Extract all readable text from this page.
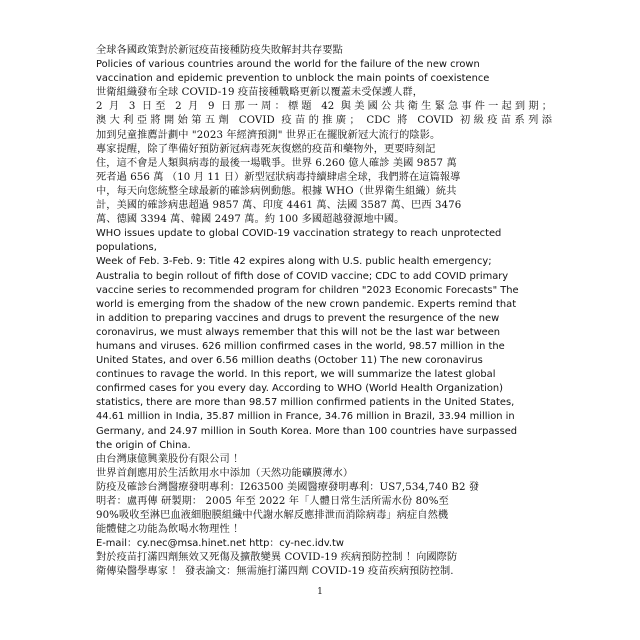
全球各國政策對於新冠疫苗接種防疫失敗解封共存要點
Policies of various countries around the world for the failure of the new crown
vaccination and epidemic prevention to unblock the main points of coexistence
世衛組織發布全球 COVID-19 疫苗接種戰略更新以覆蓋未受保護人群，
2 月 3 日至 2 月 9 日那一周：標題 42 與美國公共衛生緊急事件一起到期；
澳大利亞將開始第五劑 COVID 疫苗的推廣； CDC 將 COVID 初級疫苗系列添
加到兒童推薦計劃中 "2023 年經濟預測" 世界正在擺脫新冠大流行的陰影。
專家提醒，除了準備好預防新冠病毒死灰復燃的疫苗和藥物外，更要時刻記
住，這不會是人類與病毒的最後一場戰爭。世界 6.260 億人確診 美國 9857 萬
死者過 656 萬 （10 月 11 日）新型冠狀病毒持續肆虐全球，我們將在這篇報導
中，每天向您統整全球最新的確診病例動態。根據 WHO（世界衛生組織）統共
計，美國的確診病患超過 9857 萬、印度 4461 萬、法國 3587 萬、巴西 3476
萬、德國 3394 萬、韓國 2497 萬。約 100 多國超越發源地中國。
WHO issues update to global COVID-19 vaccination strategy to reach unprotected
populations,
Week of Feb. 3-Feb. 9: Title 42 expires along with U.S. public health emergency;
Australia to begin rollout of fifth dose of COVID vaccine; CDC to add COVID primary
vaccine series to recommended program for children "2023 Economic Forecasts" The
world is emerging from the shadow of the new crown pandemic. Experts remind that
in addition to preparing vaccines and drugs to prevent the resurgence of the new
coronavirus, we must always remember that this will not be the last war between
humans and viruses. 626 million confirmed cases in the world, 98.57 million in the
United States, and over 6.56 million deaths (October 11) The new coronavirus
continues to ravage the world. In this report, we will summarize the latest global
confirmed cases for you every day. According to WHO (World Health Organization)
statistics, there are more than 98.57 million confirmed patients in the United States,
44.61 million in India, 35.87 million in France, 34.76 million in Brazil, 33.94 million in
Germany, and 24.97 million in South Korea. More than 100 countries have surpassed
the origin of China.
由台灣康億興業股份有限公司 ！
世界首創應用於生活飲用水中添加（天然功能礦膜薄水）
防疫及確診台灣醫療發明專利：I263500 美國醫療發明專利：US7,534,740 B2 發
明者：盧再傳 研製期： 2005 年至 2022 年「人體日常生活所需水份 80%至
90%吸收至淋巴血液細胞膜組織中代謝水解反應排泄而消除病毒」病症自然機
能體健之功能為飲喝水物理性 ！
E-mail：cy.nec@msa.hinet.net http：cy-nec.idv.tw
對於疫苗打滿四劑無效又死傷及擴散變異 COVID-19 疾病預防控制 ！向國際防
衛傳染醫學專家 ！ 發表論文：無需施打滿四劑 COVID-19 疫苗疾病預防控制.
1
